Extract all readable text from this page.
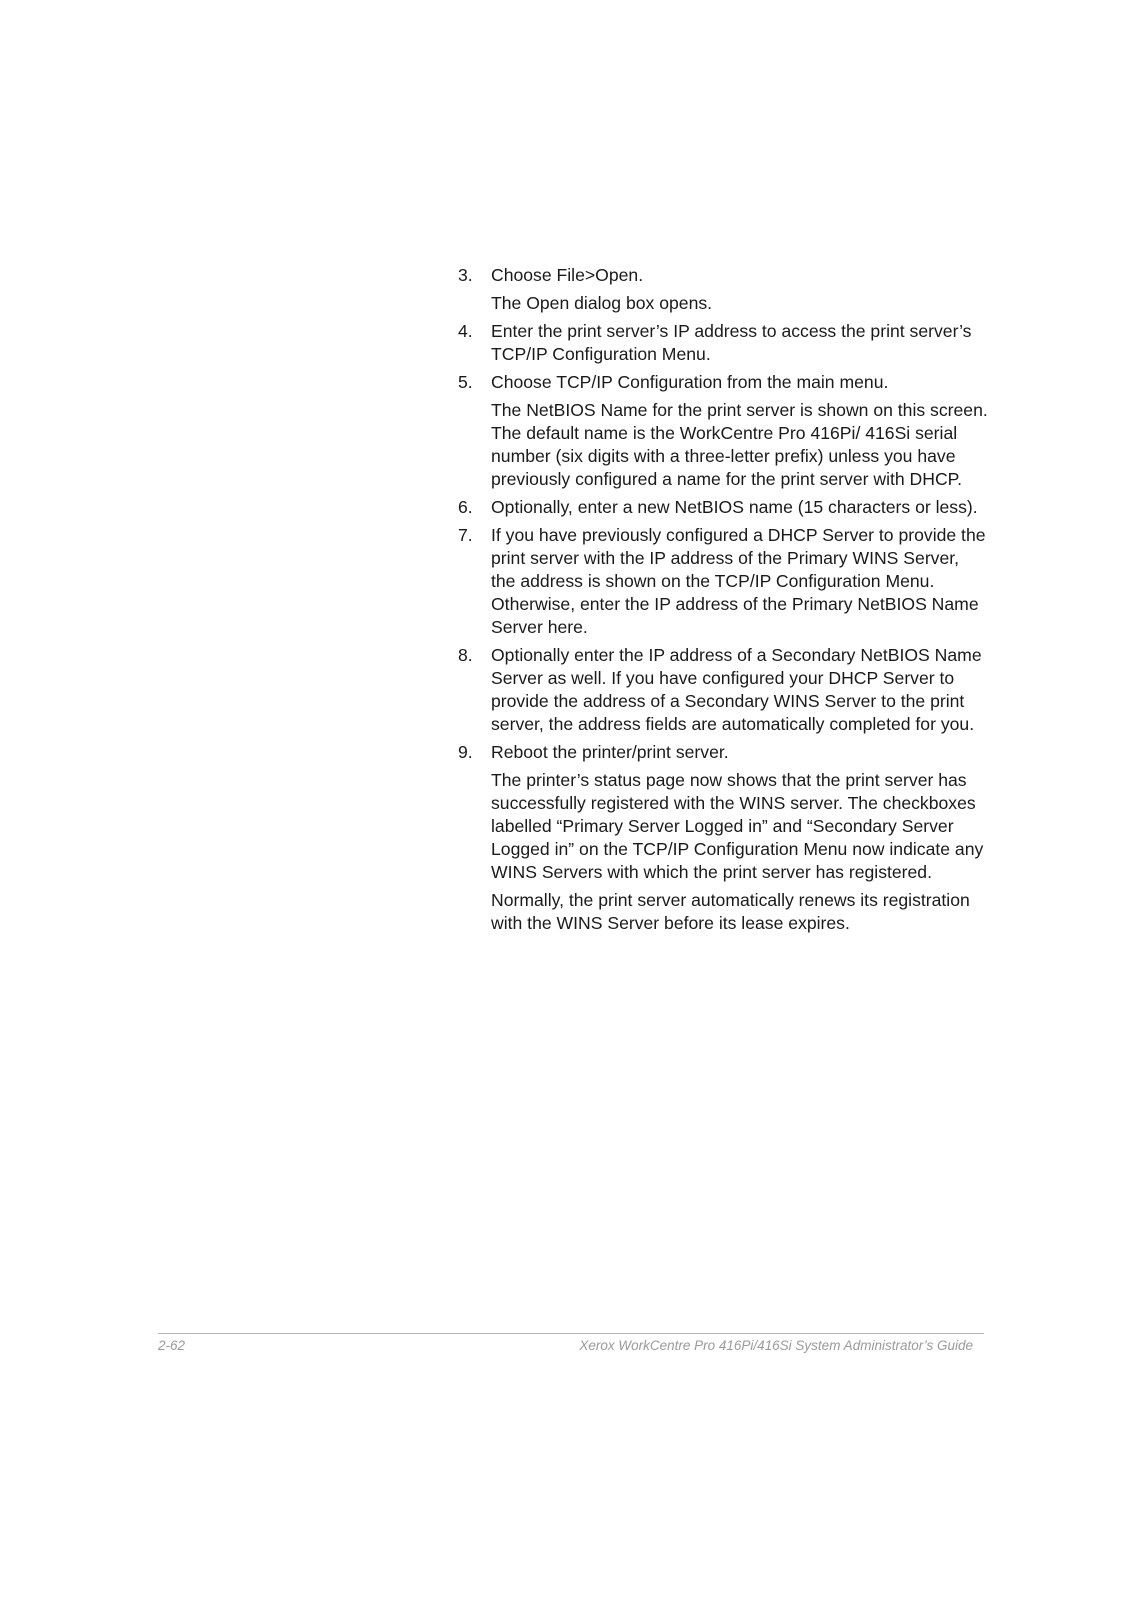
3. Choose File>Open.
The Open dialog box opens.
4. Enter the print server’s IP address to access the print server’s TCP/IP Configuration Menu.
5. Choose TCP/IP Configuration from the main menu.
The NetBIOS Name for the print server is shown on this screen. The default name is the WorkCentre Pro 416Pi/ 416Si serial number (six digits with a three-letter prefix) unless you have previously configured a name for the print server with DHCP.
6. Optionally, enter a new NetBIOS name (15 characters or less).
7. If you have previously configured a DHCP Server to provide the print server with the IP address of the Primary WINS Server, the address is shown on the TCP/IP Configuration Menu. Otherwise, enter the IP address of the Primary NetBIOS Name Server here.
8. Optionally enter the IP address of a Secondary NetBIOS Name Server as well. If you have configured your DHCP Server to provide the address of a Secondary WINS Server to the print server, the address fields are automatically completed for you.
9. Reboot the printer/print server.
The printer’s status page now shows that the print server has successfully registered with the WINS server. The checkboxes labelled “Primary Server Logged in” and “Secondary Server Logged in” on the TCP/IP Configuration Menu now indicate any WINS Servers with which the print server has registered.
Normally, the print server automatically renews its registration with the WINS Server before its lease expires.
2-62	Xerox WorkCentre Pro 416Pi/416Si System Administrator’s Guide
